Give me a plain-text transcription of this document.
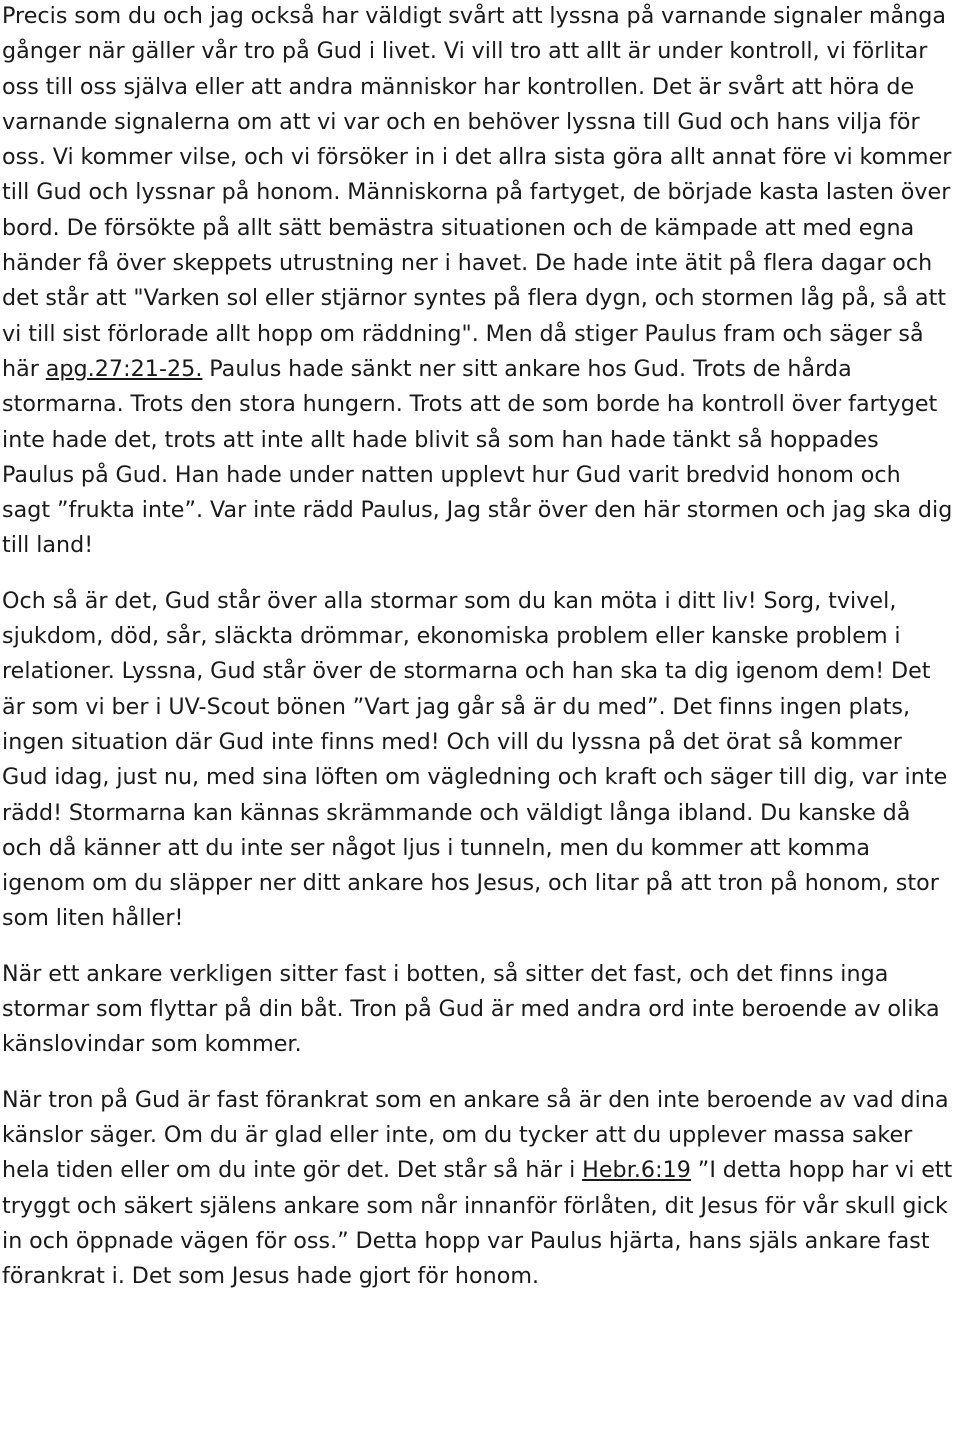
Precis som du och jag också har väldigt svårt att lyssna på varnande signaler många gånger när gäller vår tro på Gud i livet. Vi vill tro att allt är under kontroll, vi förlitar oss till oss själva eller att andra människor har kontrollen. Det är svårt att höra de varnande signalerna om att vi var och en behöver lyssna till Gud och hans vilja för oss. Vi kommer vilse, och vi försöker in i det allra sista göra allt annat före vi kommer till Gud och lyssnar på honom. Människorna på fartyget, de började kasta lasten över bord. De försökte på allt sätt bemästra situationen och de kämpade att med egna händer få över skeppets utrustning ner i havet. De hade inte ätit på flera dagar och det står att "Varken sol eller stjärnor syntes på flera dygn, och stormen låg på, så att vi till sist förlorade allt hopp om räddning". Men då stiger Paulus fram och säger så här apg.27:21-25. Paulus hade sänkt ner sitt ankare hos Gud. Trots de hårda stormarna. Trots den stora hungern. Trots att de som borde ha kontroll över fartyget inte hade det, trots att inte allt hade blivit så som han hade tänkt så hoppades Paulus på Gud. Han hade under natten upplevt hur Gud varit bredvid honom och sagt ”frukta inte”. Var inte rädd Paulus, Jag står över den här stormen och jag ska dig till land!

Och så är det, Gud står över alla stormar som du kan möta i ditt liv! Sorg, tvivel, sjukdom, död, sår, släckta drömmar, ekonomiska problem eller kanske problem i relationer. Lyssna, Gud står över de stormarna och han ska ta dig igenom dem! Det är som vi ber i UV-Scout bönen ”Vart jag går så är du med”. Det finns ingen plats, ingen situation där Gud inte finns med! Och vill du lyssna på det örat så kommer Gud idag, just nu, med sina löften om vägledning och kraft och säger till dig, var inte rädd! Stormarna kan kännas skrämmande och väldigt långa ibland. Du kanske då och då känner att du inte ser något ljus i tunneln, men du kommer att komma igenom om du släpper ner ditt ankare hos Jesus, och litar på att tron på honom, stor som liten håller!

När ett ankare verkligen sitter fast i botten, så sitter det fast, och det finns inga stormar som flyttar på din båt. Tron på Gud är med andra ord inte beroende av olika känslovindar som kommer.

När tron på Gud är fast förankrat som en ankare så är den inte beroende av vad dina känslor säger. Om du är glad eller inte, om du tycker att du upplever massa saker hela tiden eller om du inte gör det. Det står så här i Hebr.6:19 ”I detta hopp har vi ett tryggt och säkert själens ankare som når innanför förlåten, dit Jesus för vår skull gick in och öppnade vägen för oss.” Detta hopp var Paulus hjärta, hans själs ankare fast förankrat i. Det som Jesus hade gjort för honom.
